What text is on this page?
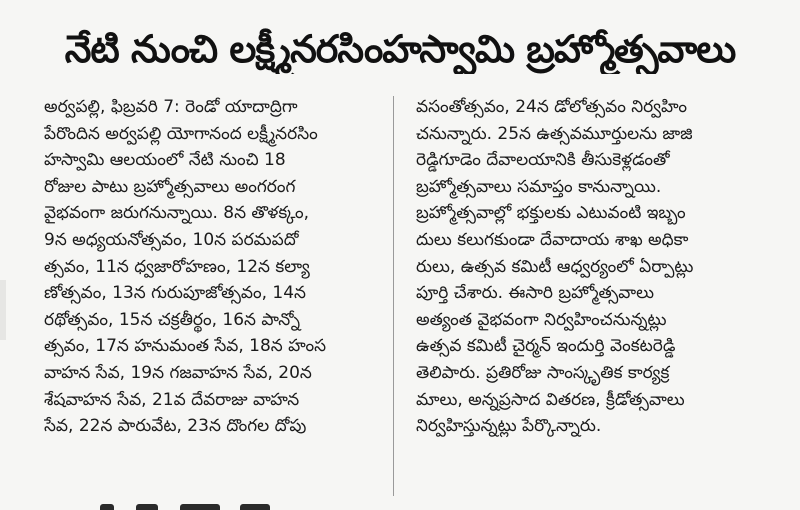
నేటి నుంచి లక్ష్మీనరసింహస్వామి బ్రహ్మోత్సవాలు
అర్వపల్లి, ఫిబ్రవరి 7: రెండో యాదాద్రిగా
పేరొందిన అర్వపల్లి యోగానంద లక్ష్మీనరసిం
హస్వామి ఆలయంలో నేటి నుంచి 18
రోజుల పాటు బ్రహ్మోత్సవాలు అంగరంగ
వైభవంగా జరుగనున్నాయి. 8న తొళక్కం,
9న అధ్యయనోత్సవం, 10న పరమపదో
త్సవం, 11న ధ్వజారోహణం, 12న కల్యా
ణోత్సవం, 13న గురుపూజోత్సవం, 14న
రథోత్సవం, 15న చక్రతీర్థం, 16న పాన్నో
త్సవం, 17న హనుమంత సేవ, 18న హంస
వాహన సేవ, 19న గజవాహన సేవ, 20న
శేషవాహన సేవ, 21వ దేవరాజు వాహన
సేవ, 22న పారువేట, 23న దొంగల దోపు
వసంతోత్సవం, 24న డోలోత్సవం నిర్వహిం
చనున్నారు. 25న ఉత్సవమూర్తులను జాజి
రెడ్డిగూడెం దేవాలయానికి తీసుకెళ్లడంతో
బ్రహ్మోత్సవాలు సమాప్తం కానున్నాయి.
బ్రహ్మోత్సవాల్లో భక్తులకు ఎటువంటి ఇబ్బం
దులు కలుగకుండా దేవాదాయ శాఖ అధికా
రులు, ఉత్సవ కమిటీ ఆధ్వర్యంలో ఏర్పాట్లు
పూర్తి చేశారు. ఈసారి బ్రహ్మోత్సవాలు
అత్యంత వైభవంగా నిర్వహించనున్నట్లు
ఉత్సవ కమిటీ చైర్మన్ ఇందుర్తి వెంకటరెడ్డి
తెలిపారు. ప్రతిరోజు సాంస్కృతిక కార్యక్ర
మాలు, అన్నప్రసాద వితరణ, క్రీడోత్సవాలు
నిర్వహిస్తున్నట్లు పేర్కొన్నారు.
